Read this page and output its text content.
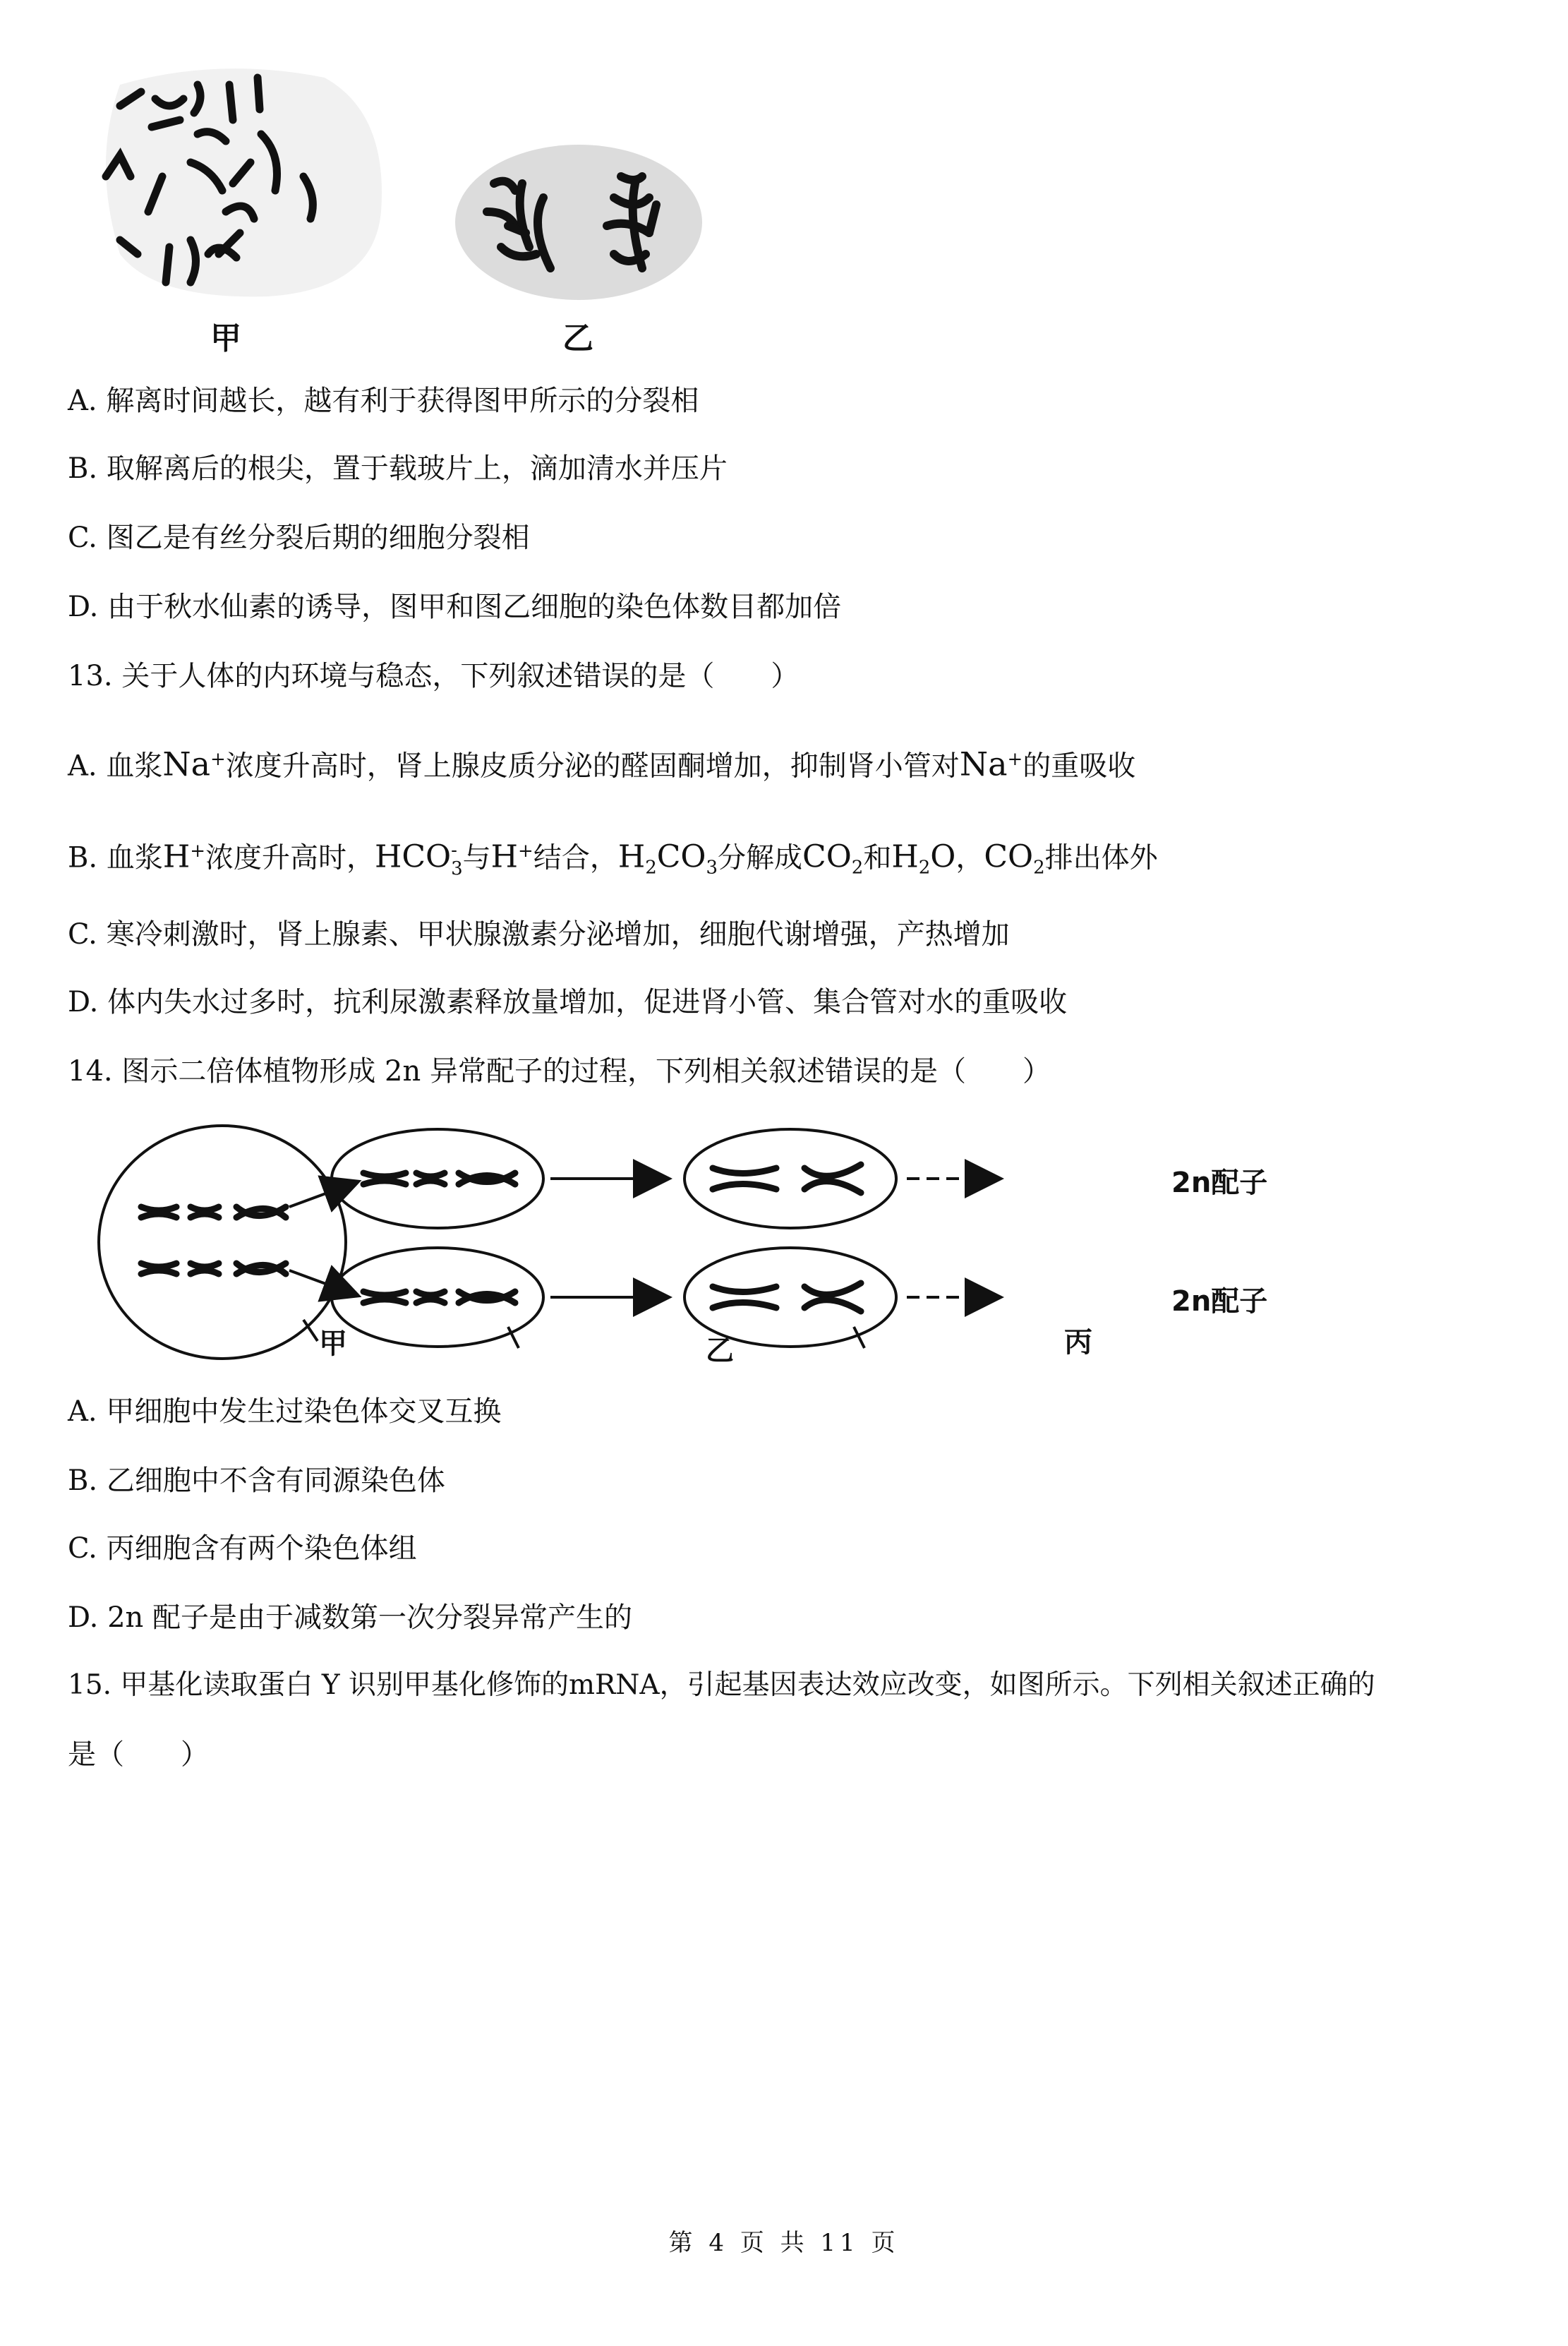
甲	乙
A. 解离时间越长，越有利于获得图甲所示的分裂相
B. 取解离后的根尖，置于载玻片上，滴加清水并压片
C. 图乙是有丝分裂后期的细胞分裂相
D. 由于秋水仙素的诱导，图甲和图乙细胞的染色体数目都加倍
13. 关于人体的内环境与稳态，下列叙述错误的是（　　）
A. 血浆Na+浓度升高时，肾上腺皮质分泌的醛固酮增加，抑制肾小管对Na+的重吸收
B. 血浆H+浓度升高时，HCO -
3 与H+结合，$H_2CO_3$分解成$CO_2$和$H_2O$，$CO_2$排出体外
C. 寒冷刺激时，肾上腺素、甲状腺激素分泌增加，细胞代谢增强，产热增加
D. 体内失水过多时，抗利尿激素释放量增加，促进肾小管、集合管对水的重吸收
14. 图示二倍体植物形成 2n 异常配子的过程，下列相关叙述错误的是（　　）
甲	乙	丙
2n配子
2n配子
A. 甲细胞中发生过染色体交叉互换
B. 乙细胞中不含有同源染色体
C. 丙细胞含有两个染色体组
D. 2n 配子是由于减数第一次分裂异常产生的
15. 甲基化读取蛋白 Y 识别甲基化修饰的mRNA，引起基因表达效应改变，如图所示。下列相关叙述正确的
是（　　）
第 4 页 共 11 页
